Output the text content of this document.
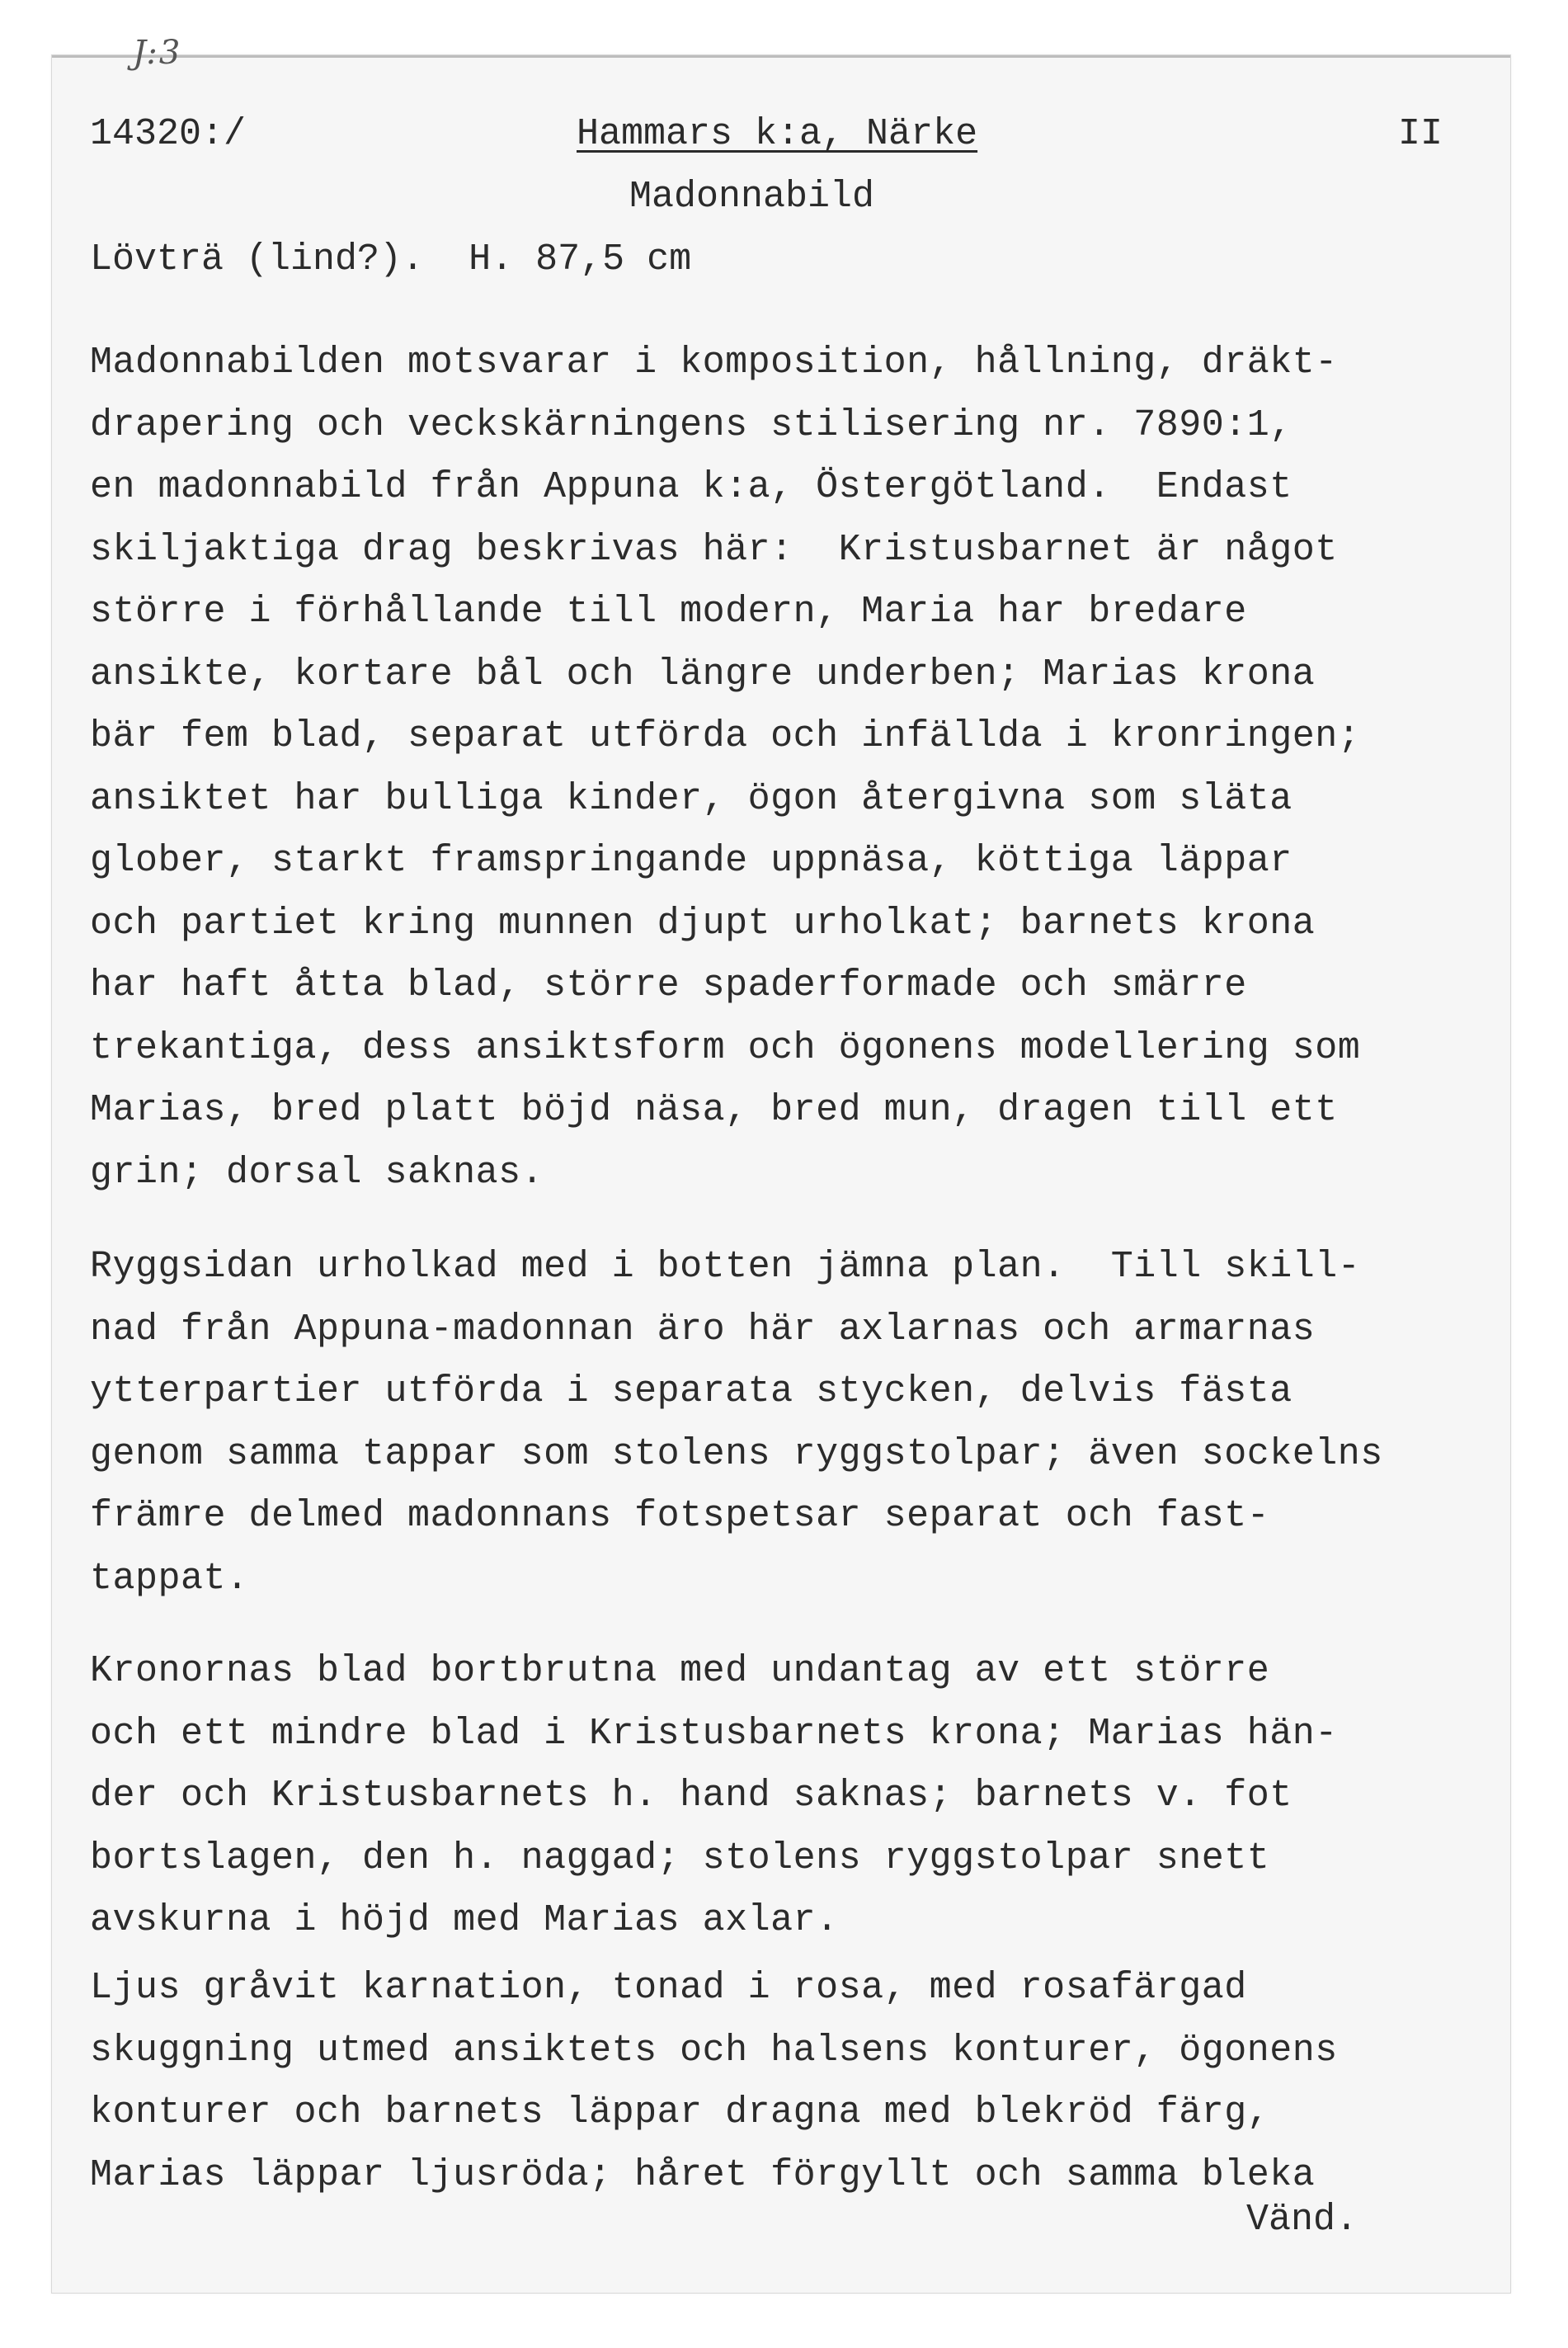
J:3
14320:/	Hammars k:a, Närke	II
Madonnabild
Lövträ (lind?).  H. 87,5 cm
Madonnabilden motsvarar i komposition, hållning, dräkt-
drapering och veckskärningens stilisering nr. 7890:1,
en madonnabild från Appuna k:a, Östergötland.  Endast
skiljaktiga drag beskrivas här:  Kristusbarnet är något
större i förhållande till modern, Maria har bredare
ansikte, kortare bål och längre underben; Marias krona
bär fem blad, separat utförda och infällda i kronringen;
ansiktet har bulliga kinder, ögon återgivna som släta
glober, starkt framspringande uppnäsa, köttiga läppar
och partiet kring munnen djupt urholkat; barnets krona
har haft åtta blad, större spaderformade och smärre
trekantiga, dess ansiktsform och ögonens modellering som
Marias, bred platt böjd näsa, bred mun, dragen till ett
grin; dorsal saknas.
Ryggsidan urholkad med i botten jämna plan.  Till skill-
nad från Appuna-madonnan äro här axlarnas och armarnas
ytterpartier utförda i separata stycken, delvis fästa
genom samma tappar som stolens ryggstolpar; även sockelns
främre delmed madonnans fotspetsar separat och fast-
tappat.
Kronornas blad bortbrutna med undantag av ett större
och ett mindre blad i Kristusbarnets krona; Marias hän-
der och Kristusbarnets h. hand saknas; barnets v. fot
bortslagen, den h. naggad; stolens ryggstolpar snett
avskurna i höjd med Marias axlar.
Ljus gråvit karnation, tonad i rosa, med rosafärgad
skuggning utmed ansiktets och halsens konturer, ögonens
konturer och barnets läppar dragna med blekröd färg,
Marias läppar ljusröda; håret förgyllt och samma bleka
Vänd.
